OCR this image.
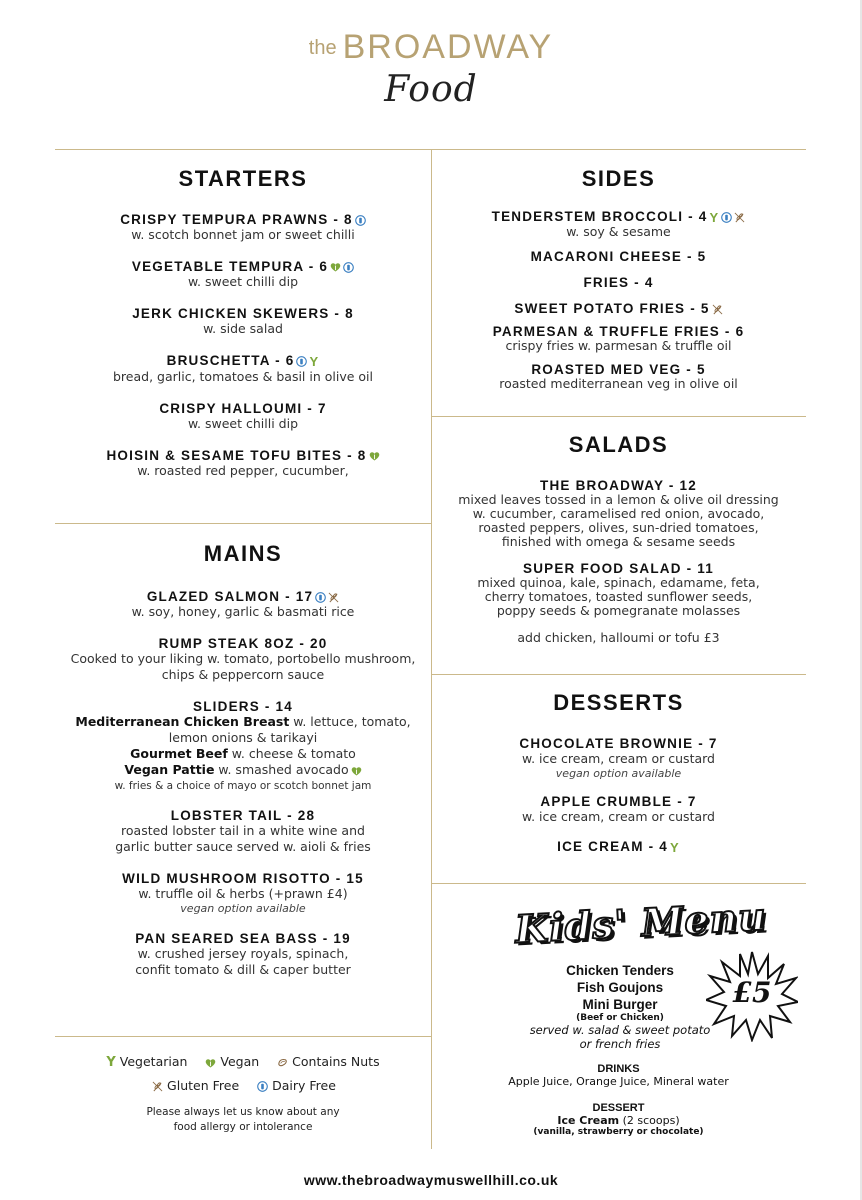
the BROADWAY
Food
STARTERS
CRISPY TEMPURA PRAWNS - 8
w. scotch bonnet jam or sweet chilli
VEGETABLE TEMPURA - 6
w. sweet chilli dip
JERK CHICKEN SKEWERS - 8
w. side salad
BRUSCHETTA - 6 Y
bread, garlic, tomatoes & basil in olive oil
CRISPY HALLOUMI - 7
w. sweet chilli dip
HOISIN & SESAME TOFU BITES - 8
w. roasted red pepper, cucumber,
MAINS
GLAZED SALMON - 17
w. soy, honey, garlic & basmati rice
RUMP STEAK 8OZ - 20
Cooked to your liking w. tomato, portobello mushroom,
chips & peppercorn sauce
SLIDERS - 14
Mediterranean Chicken Breast w. lettuce, tomato,
lemon onions & tarikayi
Gourmet Beef w. cheese & tomato
Vegan Pattie w. smashed avocado
w. fries & a choice of mayo or scotch bonnet jam
LOBSTER TAIL - 28
roasted lobster tail in a white wine and
garlic butter sauce served w. aioli & fries
WILD MUSHROOM RISOTTO - 15
w. truffle oil & herbs (+prawn £4)
vegan option available
PAN SEARED SEA BASS - 19
w. crushed jersey royals, spinach,
confit tomato & dill & caper butter
Y Vegetarian	Vegan	Contains Nuts
Gluten Free	Dairy Free
Please always let us know about any
food allergy or intolerance
SIDES
TENDERSTEM BROCCOLI - 4 Y
w. soy & sesame
MACARONI CHEESE - 5
FRIES - 4
SWEET POTATO FRIES - 5
PARMESAN & TRUFFLE FRIES - 6
crispy fries w. parmesan & truffle oil
ROASTED MED VEG - 5
roasted mediterranean veg in olive oil
SALADS
THE BROADWAY - 12
mixed leaves tossed in a lemon & olive oil dressing
w. cucumber, caramelised red onion, avocado,
roasted peppers, olives, sun-dried tomatoes,
finished with omega & sesame seeds
SUPER FOOD SALAD - 11
mixed quinoa, kale, spinach, edamame, feta,
cherry tomatoes, toasted sunflower seeds,
poppy seeds & pomegranate molasses
add chicken, halloumi or tofu £3
DESSERTS
CHOCOLATE BROWNIE - 7
w. ice cream, cream or custard
vegan option available
APPLE CRUMBLE - 7
w. ice cream, cream or custard
ICE CREAM - 4 Y
Kids' Menu
Chicken Tenders
Fish Goujons
Mini Burger
(Beef or Chicken)
served w. salad & sweet potato
or french fries
£5
DRINKS
Apple Juice, Orange Juice, Mineral water
DESSERT
Ice Cream (2 scoops)
(vanilla, strawberry or chocolate)
www.thebroadwaymuswellhill.co.uk
